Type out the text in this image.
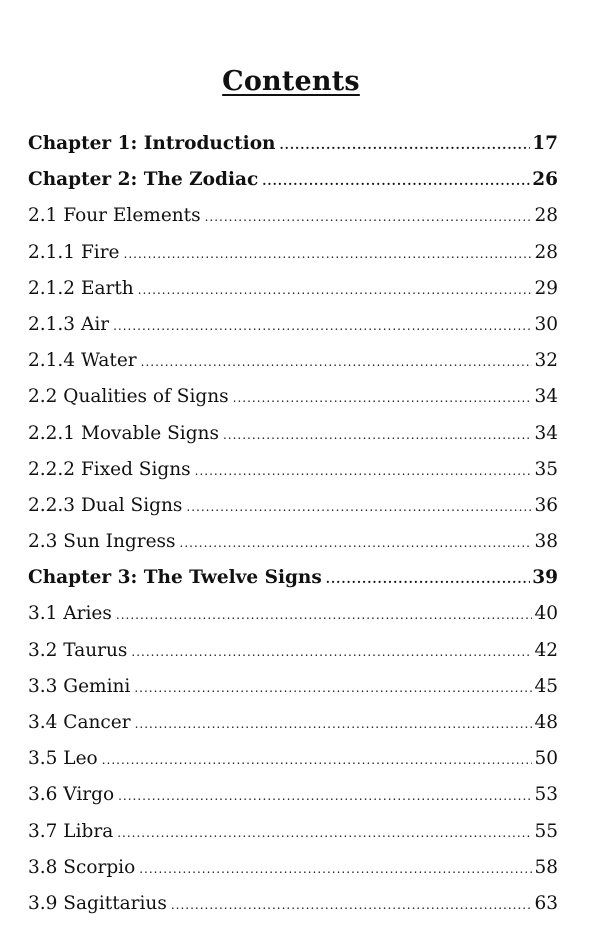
Contents
Chapter 1: Introduction .....	17
Chapter 2: The Zodiac .....	26
2.1 Four Elements .....	28
2.1.1 Fire .....	28
2.1.2 Earth .....	29
2.1.3 Air .....	30
2.1.4 Water .....	32
2.2 Qualities of Signs .....	34
2.2.1 Movable Signs .....	34
2.2.2 Fixed Signs .....	35
2.2.3 Dual Signs .....	36
2.3 Sun Ingress .....	38
Chapter 3: The Twelve Signs .....	39
3.1 Aries .....	40
3.2 Taurus .....	42
3.3 Gemini .....	45
3.4 Cancer .....	48
3.5 Leo .....	50
3.6 Virgo .....	53
3.7 Libra .....	55
3.8 Scorpio .....	58
3.9 Sagittarius .....	63
